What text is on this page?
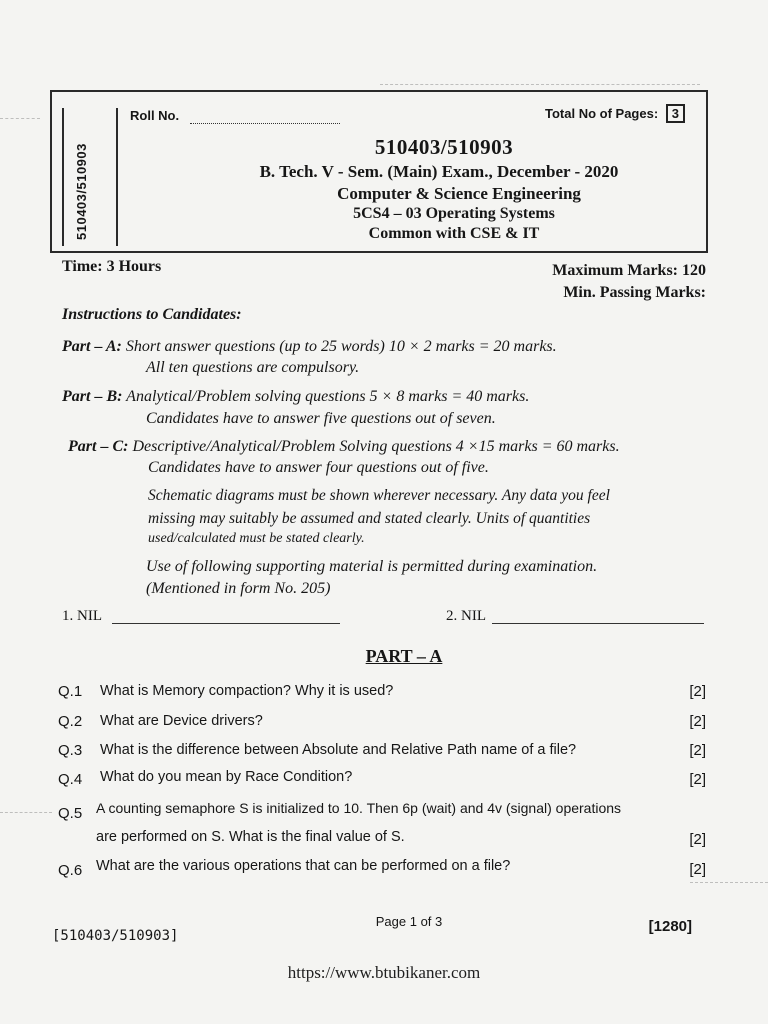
510403/510903
Roll No.	Total No of Pages: 3
510403/510903
B. Tech. V - Sem. (Main) Exam., December - 2020
Computer & Science Engineering
5CS4 – 03 Operating Systems
Common with CSE & IT
Time: 3 Hours	Maximum Marks: 120
Min. Passing Marks:
Instructions to Candidates:
Part – A: Short answer questions (up to 25 words) 10 × 2 marks = 20 marks.
All ten questions are compulsory.
Part – B: Analytical/Problem solving questions 5 × 8 marks = 40 marks.
Candidates have to answer five questions out of seven.
Part – C: Descriptive/Analytical/Problem Solving questions 4 ×15 marks = 60 marks.
Candidates have to answer four questions out of five.
Schematic diagrams must be shown wherever necessary. Any data you feel
missing may suitably be assumed and stated clearly. Units of quantities
used/calculated must be stated clearly.
Use of following supporting material is permitted during examination.
(Mentioned in form No. 205)
1. NIL	2. NIL
PART – A
Q.1 What is Memory compaction? Why it is used?	[2]
Q.2 What are Device drivers?	[2]
Q.3 What is the difference between Absolute and Relative Path name of a file?	[2]
Q.4 What do you mean by Race Condition?	[2]
Q.5 A counting semaphore S is initialized to 10. Then 6p (wait) and 4v (signal) operations
are performed on S. What is the final value of S.	[2]
Q.6 What are the various operations that can be performed on a file?	[2]
[510403/510903]
Page 1 of 3	[1280]
https://www.btubikaner.com
